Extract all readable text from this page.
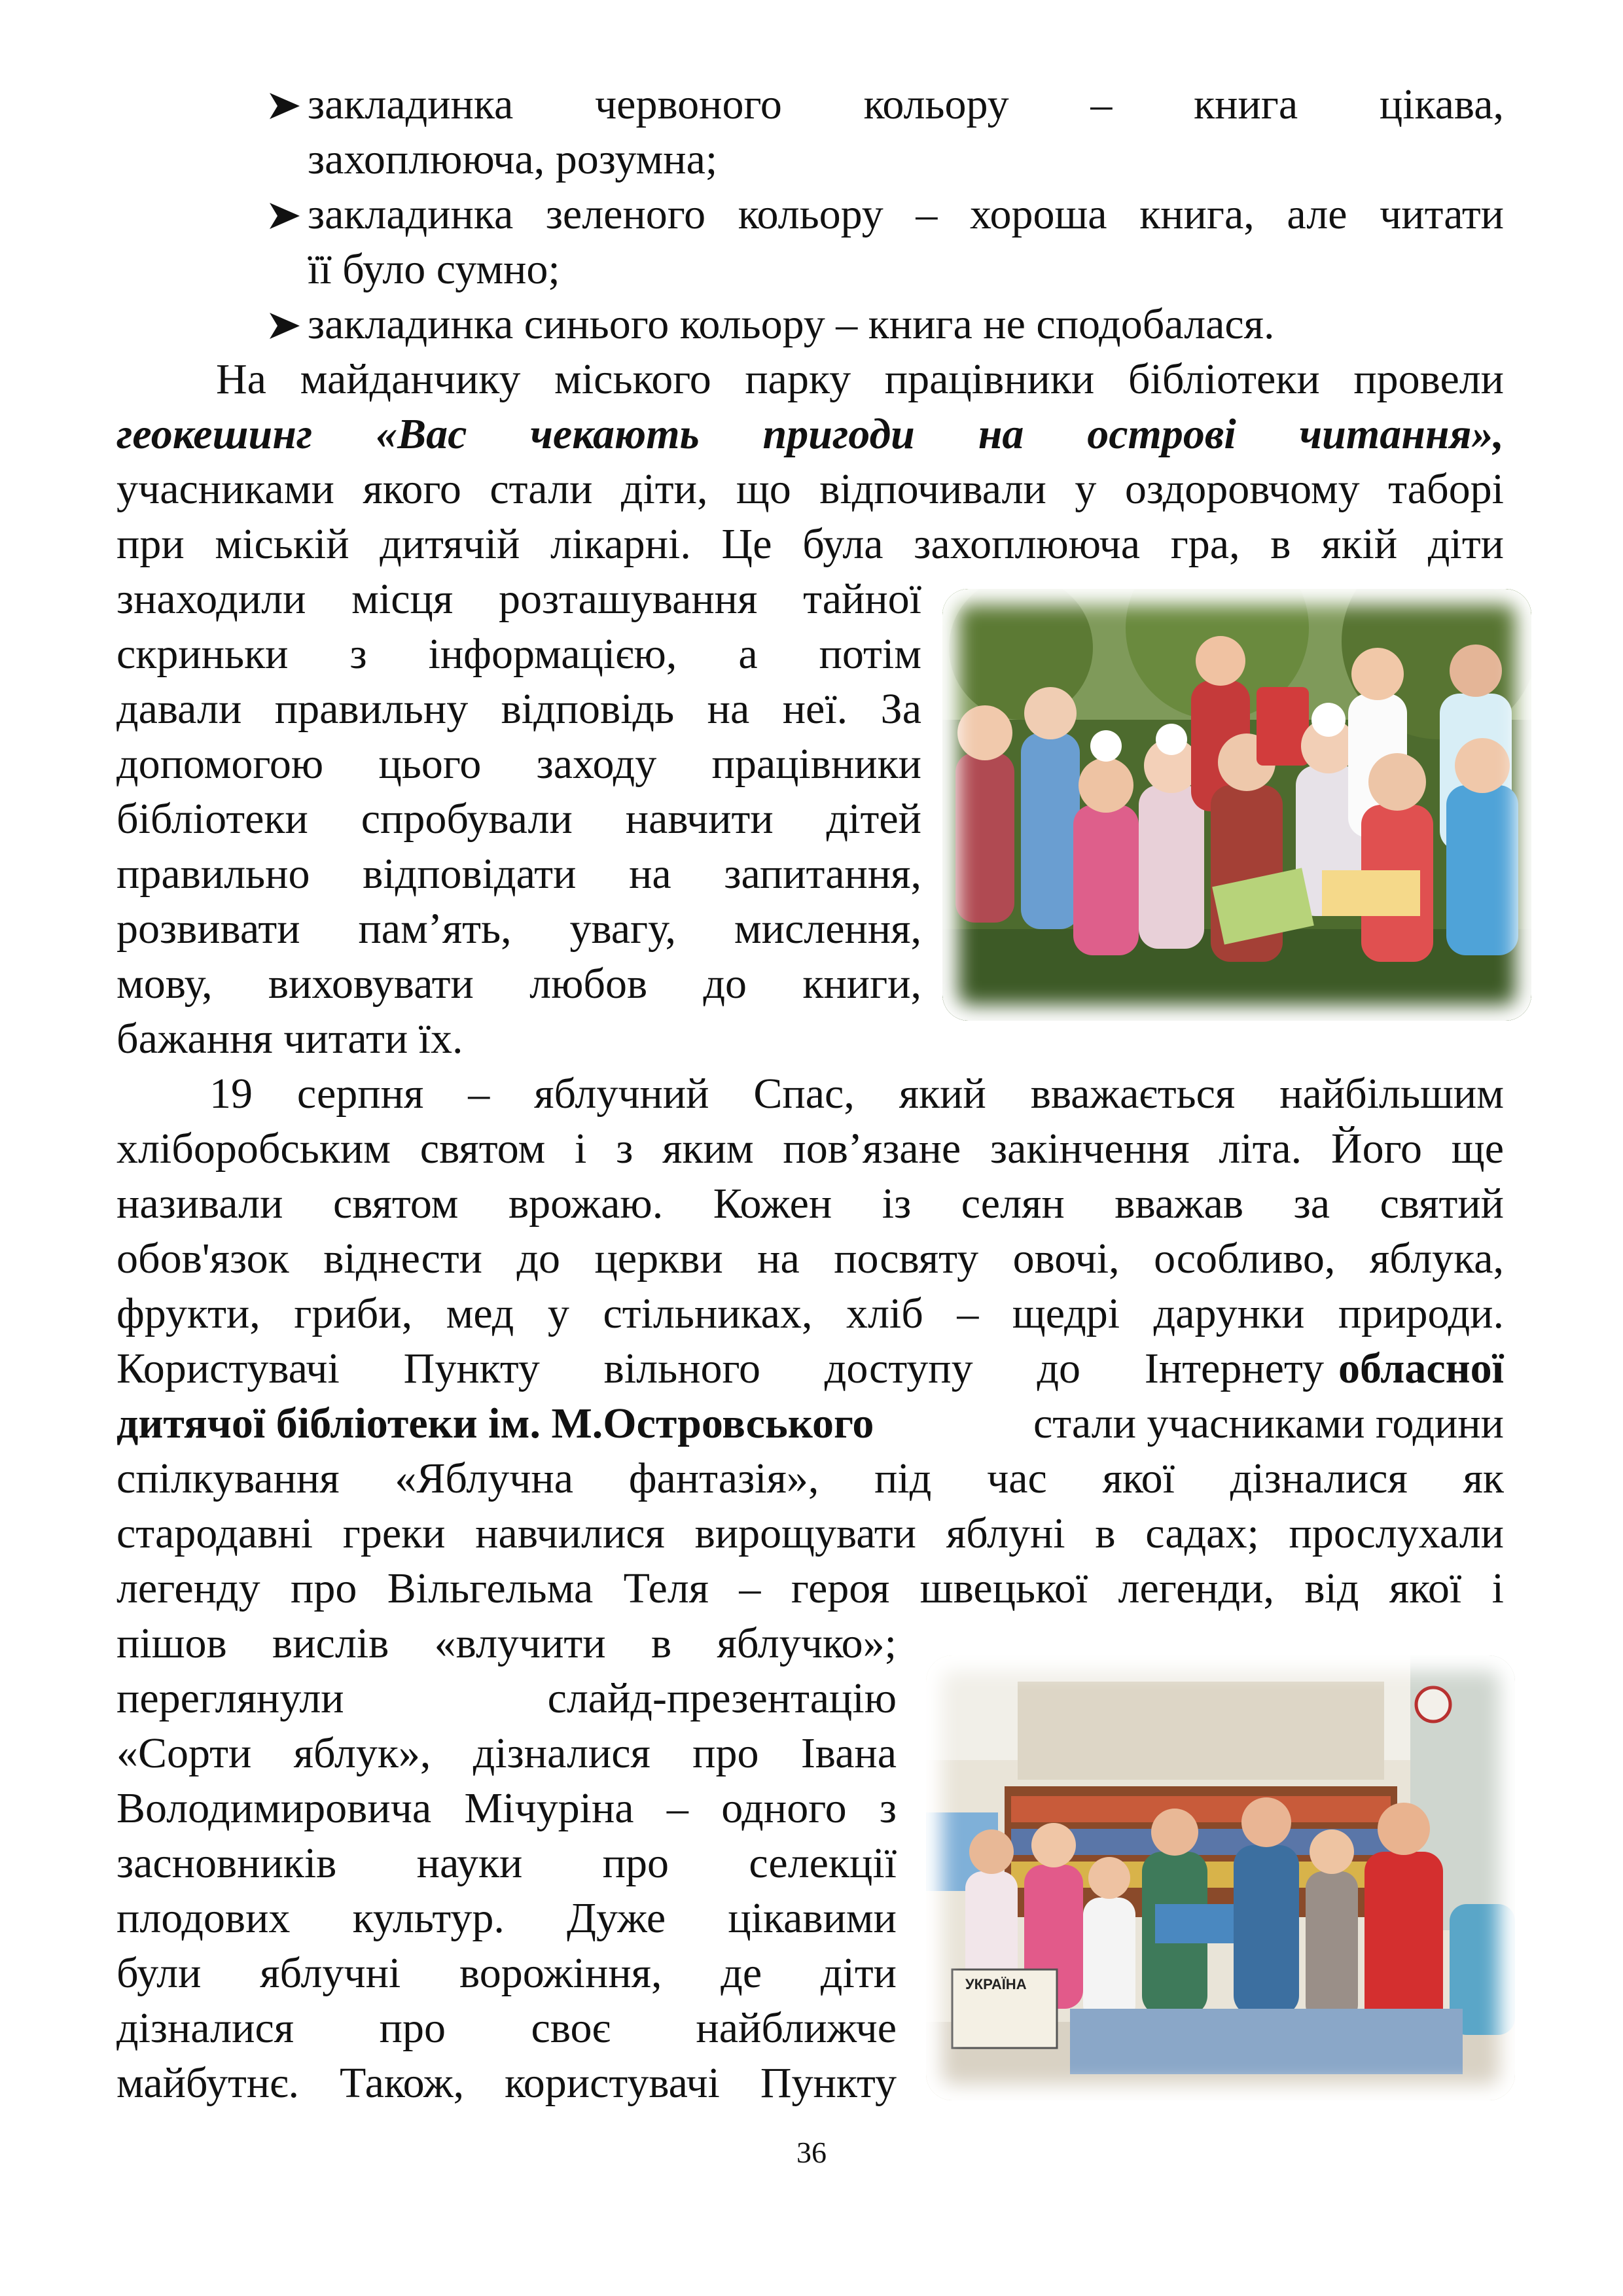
закладинка червоного кольору – книга цікава,
захоплююча, розумна;
закладинка зеленого кольору – хороша книга, але читати
її було сумно;
закладинка синього кольору – книга не сподобалася.
На майданчику міського парку працівники бібліотеки провели
геокешинг «Вас чекають пригоди на острові читання»,
учасниками якого стали діти, що відпочивали у оздоровчому таборі
при міській дитячій лікарні. Це була захоплююча гра, в якій діти
знаходили місця розташування тайної
скриньки з інформацією, а потім
давали правильну відповідь на неї. За
допомогою цього заходу працівники
бібліотеки спробували навчити дітей
правильно відповідати на запитання,
розвивати пам’ять, увагу, мислення,
мову, виховувати любов до книги,
бажання читати їх.
19 серпня – яблучний Спас, який вважається найбільшим
хліборобським святом і з яким пов’язане закінчення літа. Його ще
називали святом врожаю. Кожен із селян вважав за святий
обов'язок віднести до церкви на посвяту овочі, особливо, яблука,
фрукти, гриби, мед у стільниках, хліб – щедрі дарунки природи.
Користувачі Пункту вільного доступу до Інтернету обласної
дитячої бібліотеки ім. М.Островського	стали учасниками години
спілкування «Яблучна фантазія», під час якої дізналися як
стародавні греки навчилися вирощувати яблуні в садах; прослухали
легенду про Вільгельма Теля – героя швецької легенди, від якої і
пішов вислів «влучити в яблучко»;
переглянули слайд-презентацію
«Сорти яблук», дізналися про Івана
Володимировича Мічуріна – одного з
засновників науки про селекції
плодових культур. Дуже цікавими
були яблучні ворожіння, де діти
дізналися про своє найближче
майбутнє. Також, користувачі Пункту
УКРАЇНА
36
